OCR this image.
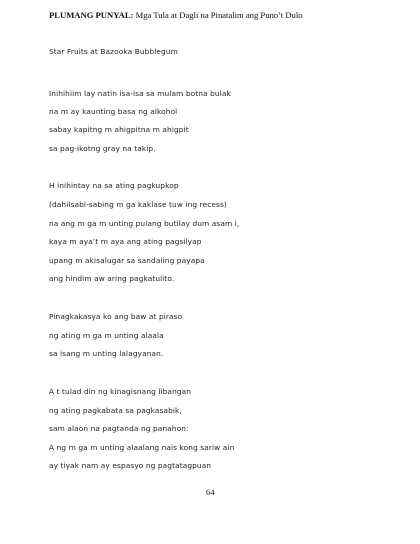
PLUMANG PUNYAL: Mga Tula at Dagli na Pinatalim ang Puno’t Dulo
Star Fruits at Bazooka Bubblegum
Inihihiim lay natin isa-isa sa mulam botna bulak
na m ay kaunting basa ng alkohol
sabay kapitng m ahigpitna m ahigpit
sa pag-ikotng gray na takip.
H inihintay na sa ating pagkupkop
(dahilsabi-sabing m ga kaklase tuw ing recess)
na ang m ga m unting pulang butilay dum asam i,
kaya m aya’t m aya ang ating pagsilyap
upang m akisalugar sa sandaling payapa
ang hindim aw aring pagkatulito.
Pinagkakasya ko ang baw at piraso
ng ating m ga m unting alaala
sa isang m unting lalagyanan.
A t tulad din ng kinagisnang libangan
ng ating pagkabata sa pagkasabik,
sam alaon na pagtanda ng panahon:
A ng m ga m unting alaalang nais kong sariw ain
ay tiyak nam ay espasyo ng pagtatagpuan
64
